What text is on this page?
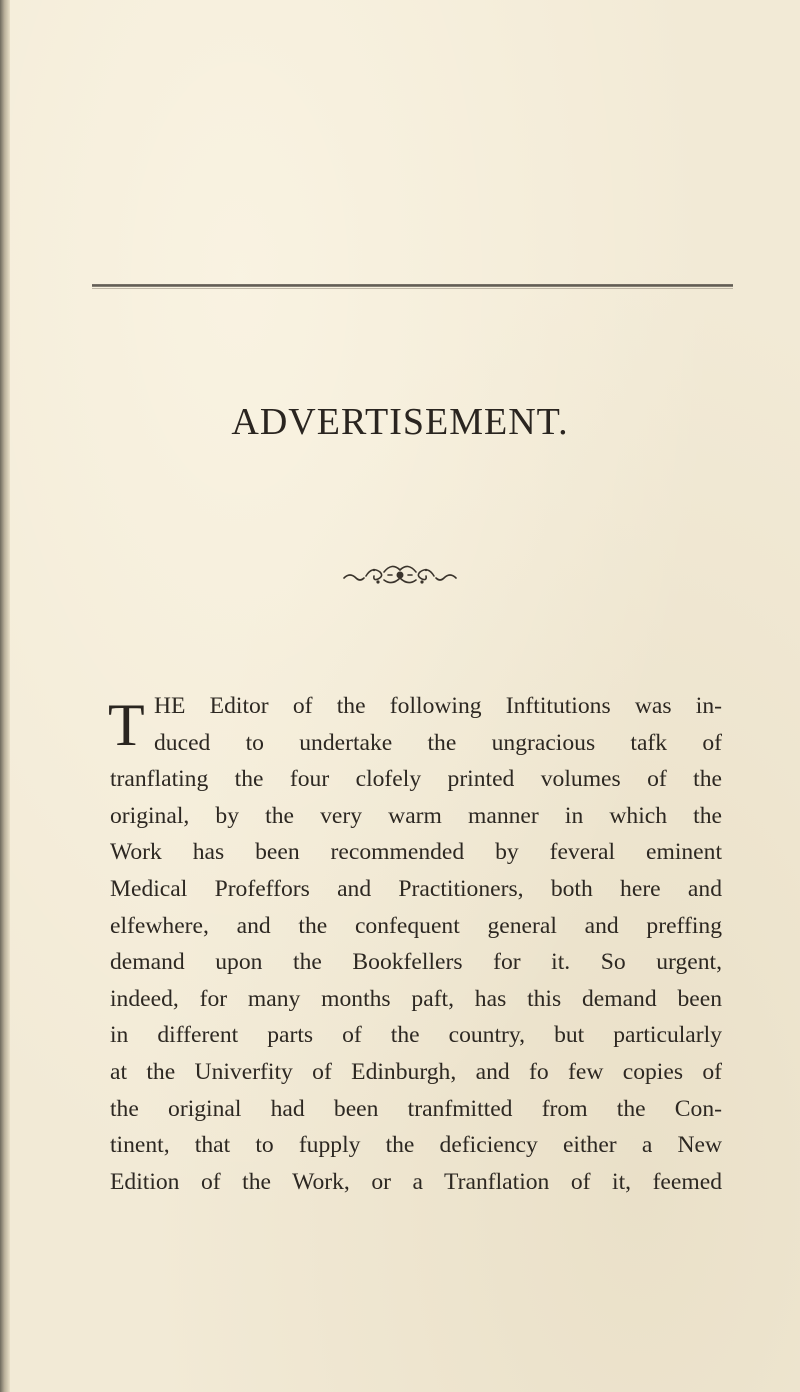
ADVERTISEMENT.
T HE Editor of the following Inftitutions was in-
duced to undertake the ungracious tafk of
tranflating the four clofely printed volumes of the
original, by the very warm manner in which the
Work has been recommended by feveral eminent
Medical Profeffors and Practitioners, both here and
elfewhere, and the confequent general and preffing
demand upon the Bookfellers for it. So urgent,
indeed, for many months paft, has this demand been
in different parts of the country, but particularly
at the Univerfity of Edinburgh, and fo few copies of
the original had been tranfmitted from the Con-
tinent, that to fupply the deficiency either a New
Edition of the Work, or a Tranflation of it, feemed
